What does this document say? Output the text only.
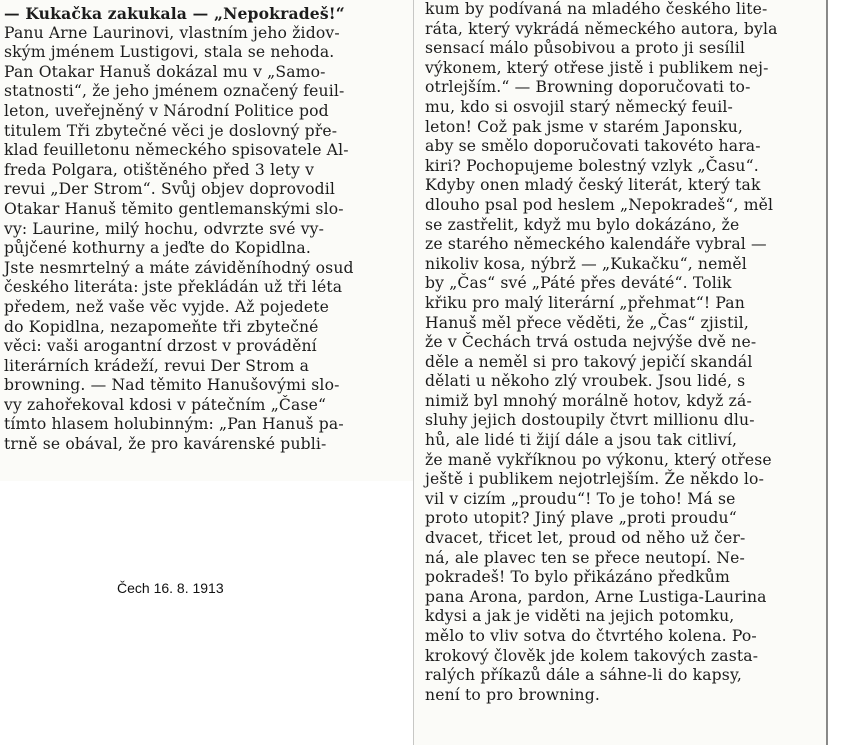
— Kukačka zakukala — „Nepokradeš!“
Panu Arne Laurinovi, vlastním jeho židov-
ským jménem Lustigovi, stala se nehoda.
Pan Otakar Hanuš dokázal mu v „Samo-
statnosti“, že jeho jménem označený feuil-
leton, uveřejněný v Národní Politice pod
titulem Tři zbytečné věci je doslovný pře-
klad feuilletonu německého spisovatele Al-
freda Polgara, otištěného před 3 lety v
revui „Der Strom“. Svůj objev doprovodil
Otakar Hanuš těmito gentlemanskými slo-
vy: Laurine, milý hochu, odvrzte své vy-
půjčené kothurny a jeďte do Kopidlna.
Jste nesmrtelný a máte záviděníhodný osud
českého literáta: jste překládán už tři léta
předem, než vaše věc vyjde. Až pojedete
do Kopidlna, nezapomeňte tři zbytečné
věci: vaši arogantní drzost v provádění
literárních krádeží, revui Der Strom a
browning. — Nad těmito Hanušovými slo-
vy zahořekoval kdosi v pátečním „Čase“
tímto hlasem holubinným: „Pan Hanuš pa-
trně se obával, že pro kavárenské publi-
kum by podívaná na mladého českého lite-
ráta, který vykrádá německého autora, byla
sensací málo působivou a proto ji sesílil
výkonem, který otřese jistě i publikem nej-
otrlejším.“ — Browning doporučovati to-
mu, kdo si osvojil starý německý feuil-
leton! Což pak jsme v starém Japonsku,
aby se smělo doporučovati takovéto hara-
kiri? Pochopujeme bolestný vzlyk „Času“.
Kdyby onen mladý český literát, který tak
dlouho psal pod heslem „Nepokradeš“, měl
se zastřelit, když mu bylo dokázáno, že
ze starého německého kalendáře vybral —
nikoliv kosa, nýbrž — „Kukačku“, neměl
by „Čas“ své „Páté přes deváté“. Tolik
křiku pro malý literární „přehmat“! Pan
Hanuš měl přece věděti, že „Čas“ zjistil,
že v Čechách trvá ostuda nejvýše dvě ne-
děle a neměl si pro takový jepičí skandál
dělati u někoho zlý vroubek. Jsou lidé, s
nimiž byl mnohý morálně hotov, když zá-
sluhy jejich dostoupily čtvrt millionu dlu-
hů, ale lidé ti žijí dále a jsou tak citliví,
že maně vykříknou po výkonu, který otřese
ještě i publikem nejotrlejším. Že někdo lo-
vil v cizím „proudu“! To je toho! Má se
proto utopit? Jiný plave „proti proudu“
dvacet, třicet let, proud od něho už čer-
ná, ale plavec ten se přece neutopí. Ne-
pokradeš! To bylo přikázáno předkům
pana Arona, pardon, Arne Lustiga-Laurina
kdysi a jak je viděti na jejich potomku,
mělo to vliv sotva do čtvrtého kolena. Po-
krokový člověk jde kolem takových zasta-
ralých příkazů dále a sáhne-li do kapsy,
není to pro browning.
Čech 16. 8. 1913
